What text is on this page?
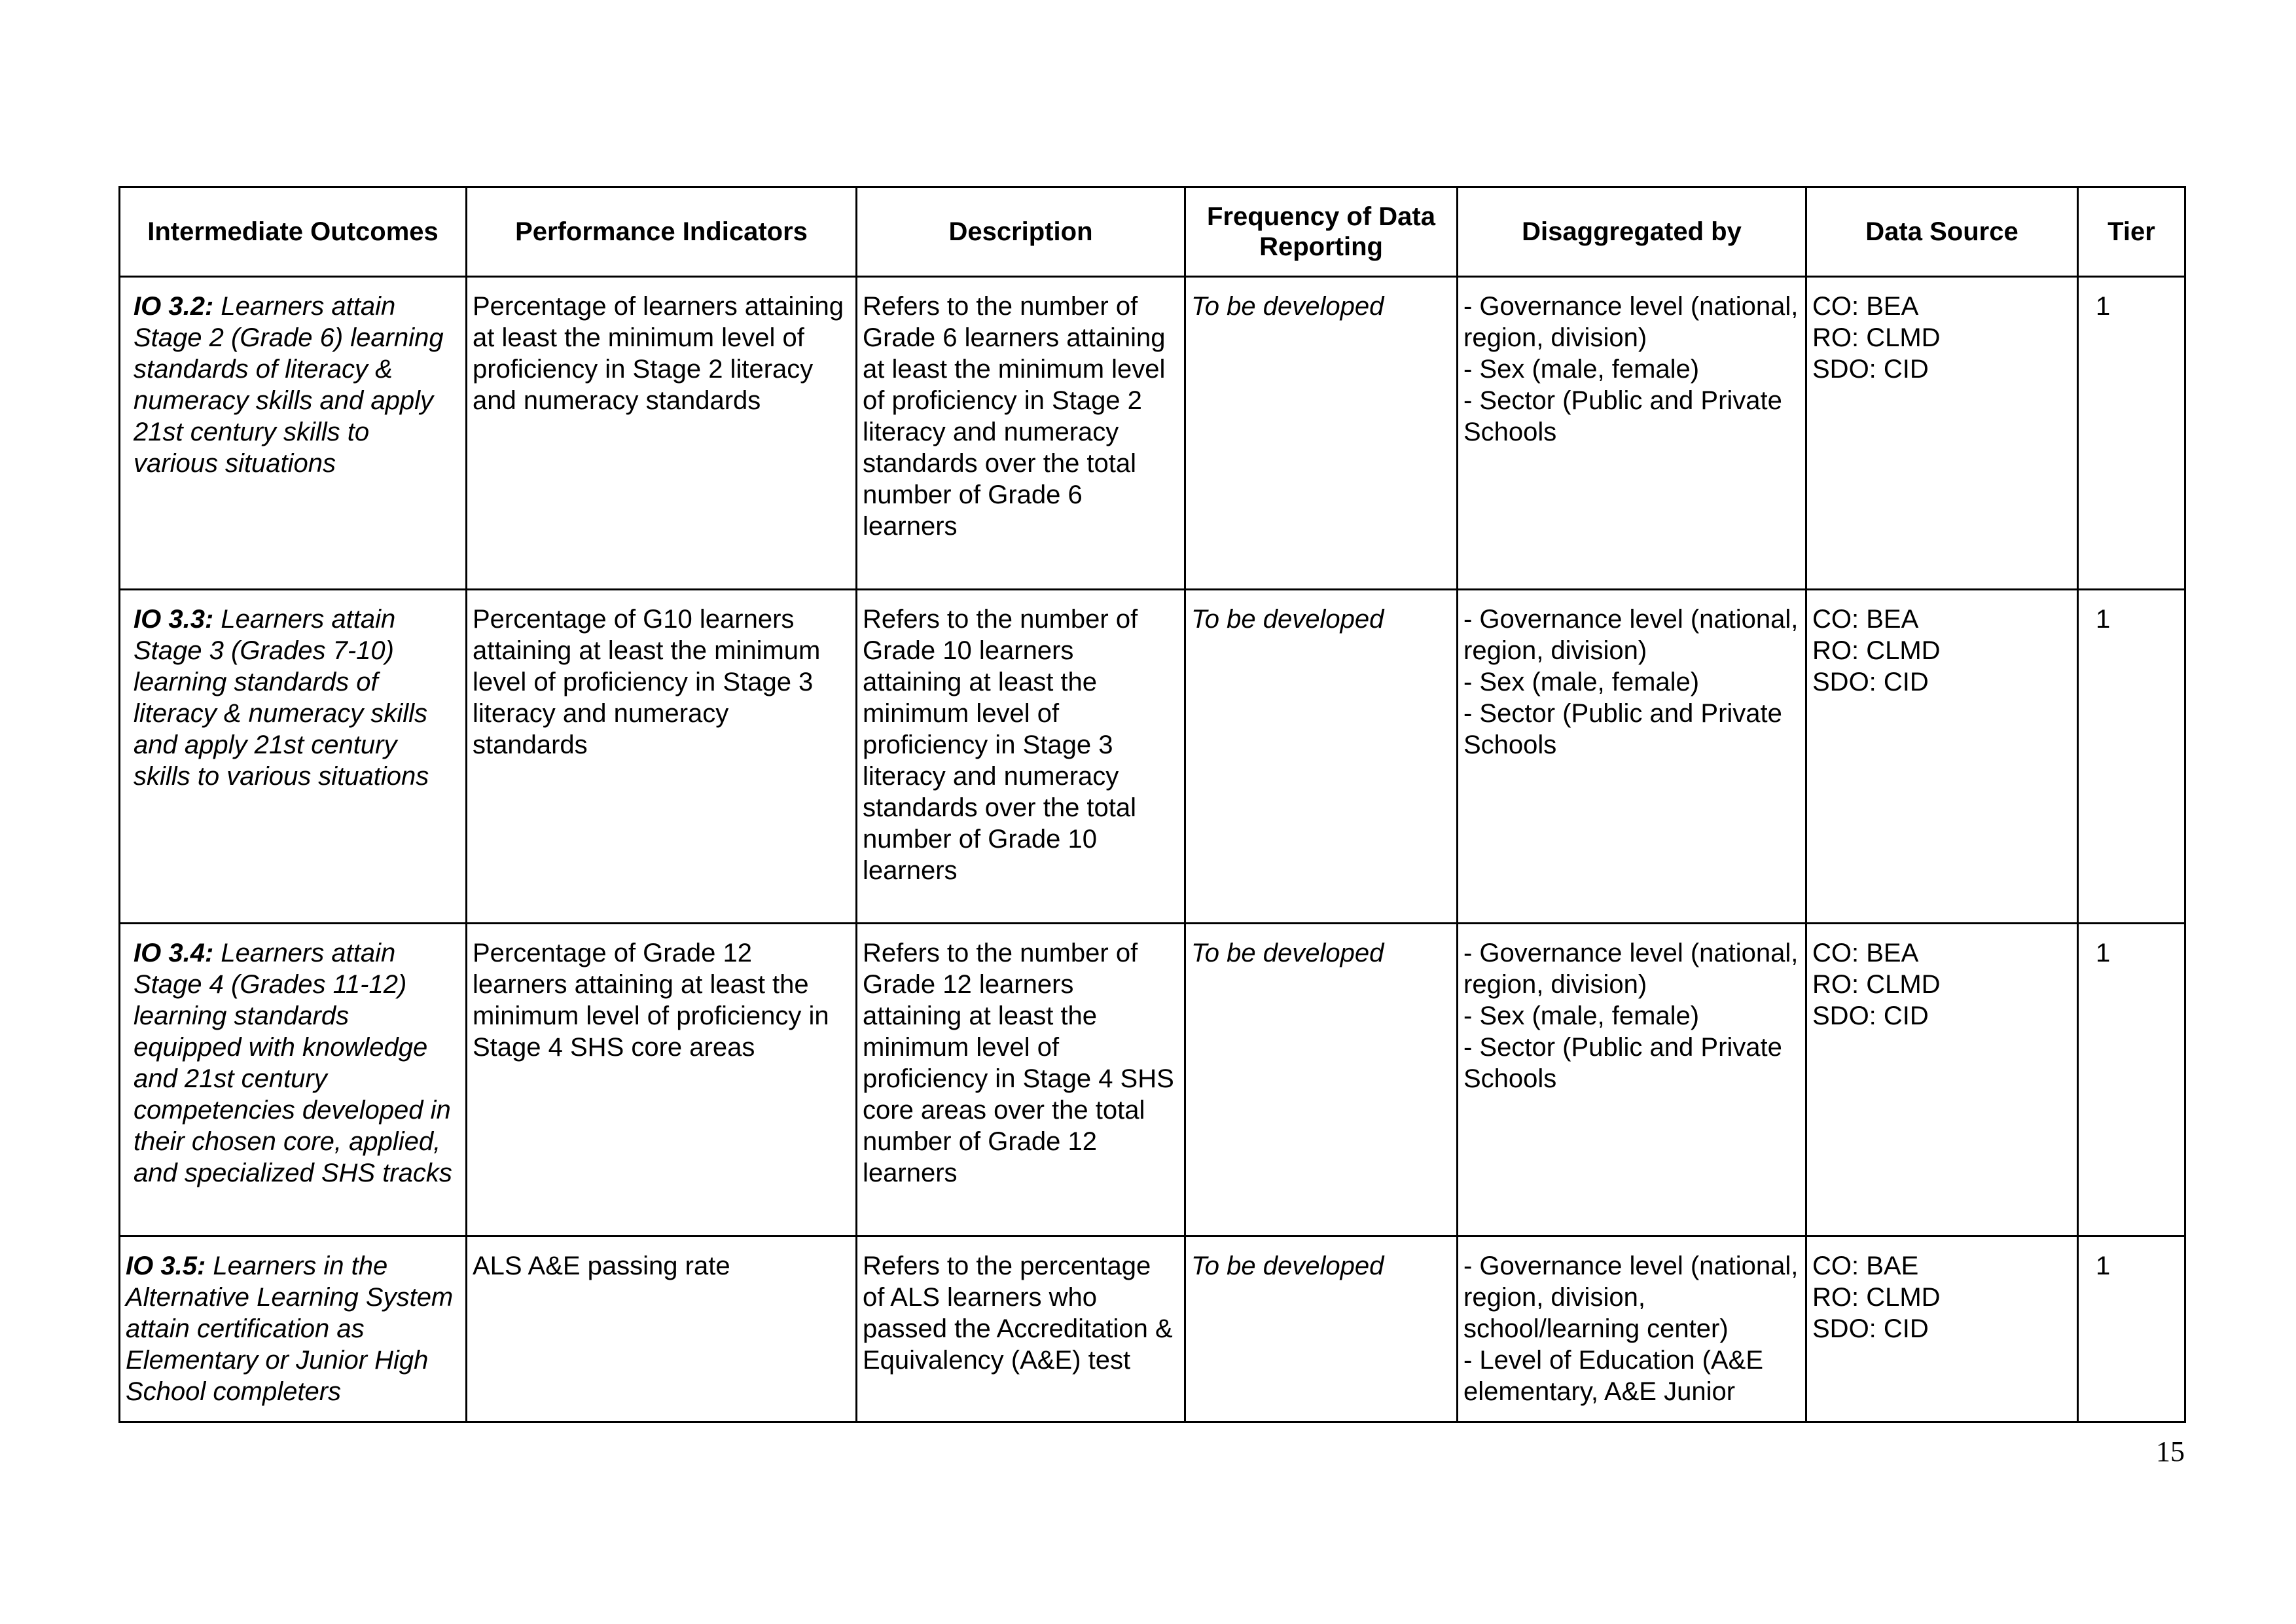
Intermediate Outcomes	Performance Indicators	Description	Frequency of Data Reporting	Disaggregated by	Data Source	Tier
IO 3.2: Learners attain Stage 2 (Grade 6) learning standards of literacy & numeracy skills and apply 21st century skills to various situations	Percentage of learners attaining at least the minimum level of proficiency in Stage 2 literacy and numeracy standards	Refers to the number of Grade 6 learners attaining at least the minimum level of proficiency in Stage 2 literacy and numeracy standards over the total number of Grade 6 learners	To be developed	- Governance level (national, region, division)
- Sex (male, female)
- Sector (Public and Private Schools	CO: BEA
RO: CLMD
SDO: CID	1
IO 3.3: Learners attain Stage 3 (Grades 7-10) learning standards of literacy & numeracy skills and apply 21st century skills to various situations	Percentage of G10 learners attaining at least the minimum level of proficiency in Stage 3 literacy and numeracy standards	Refers to the number of Grade 10 learners attaining at least the minimum level of proficiency in Stage 3 literacy and numeracy standards over the total number of Grade 10 learners	To be developed	- Governance level (national, region, division)
- Sex (male, female)
- Sector (Public and Private Schools	CO: BEA
RO: CLMD
SDO: CID	1
IO 3.4: Learners attain Stage 4 (Grades 11-12) learning standards equipped with knowledge and 21st century competencies developed in their chosen core, applied, and specialized SHS tracks	Percentage of Grade 12 learners attaining at least the minimum level of proficiency in Stage 4 SHS core areas	Refers to the number of Grade 12 learners attaining at least the minimum level of proficiency in Stage 4 SHS core areas over the total number of Grade 12 learners	To be developed	- Governance level (national, region, division)
- Sex (male, female)
- Sector (Public and Private Schools	CO: BEA
RO: CLMD
SDO: CID	1
IO 3.5: Learners in the Alternative Learning System attain certification as Elementary or Junior High School completers	ALS A&E passing rate	Refers to the percentage of ALS learners who passed the Accreditation & Equivalency (A&E) test	To be developed	- Governance level (national, region, division, school/learning center)
- Level of Education (A&E elementary, A&E Junior	CO: BAE
RO: CLMD
SDO: CID	1
15
